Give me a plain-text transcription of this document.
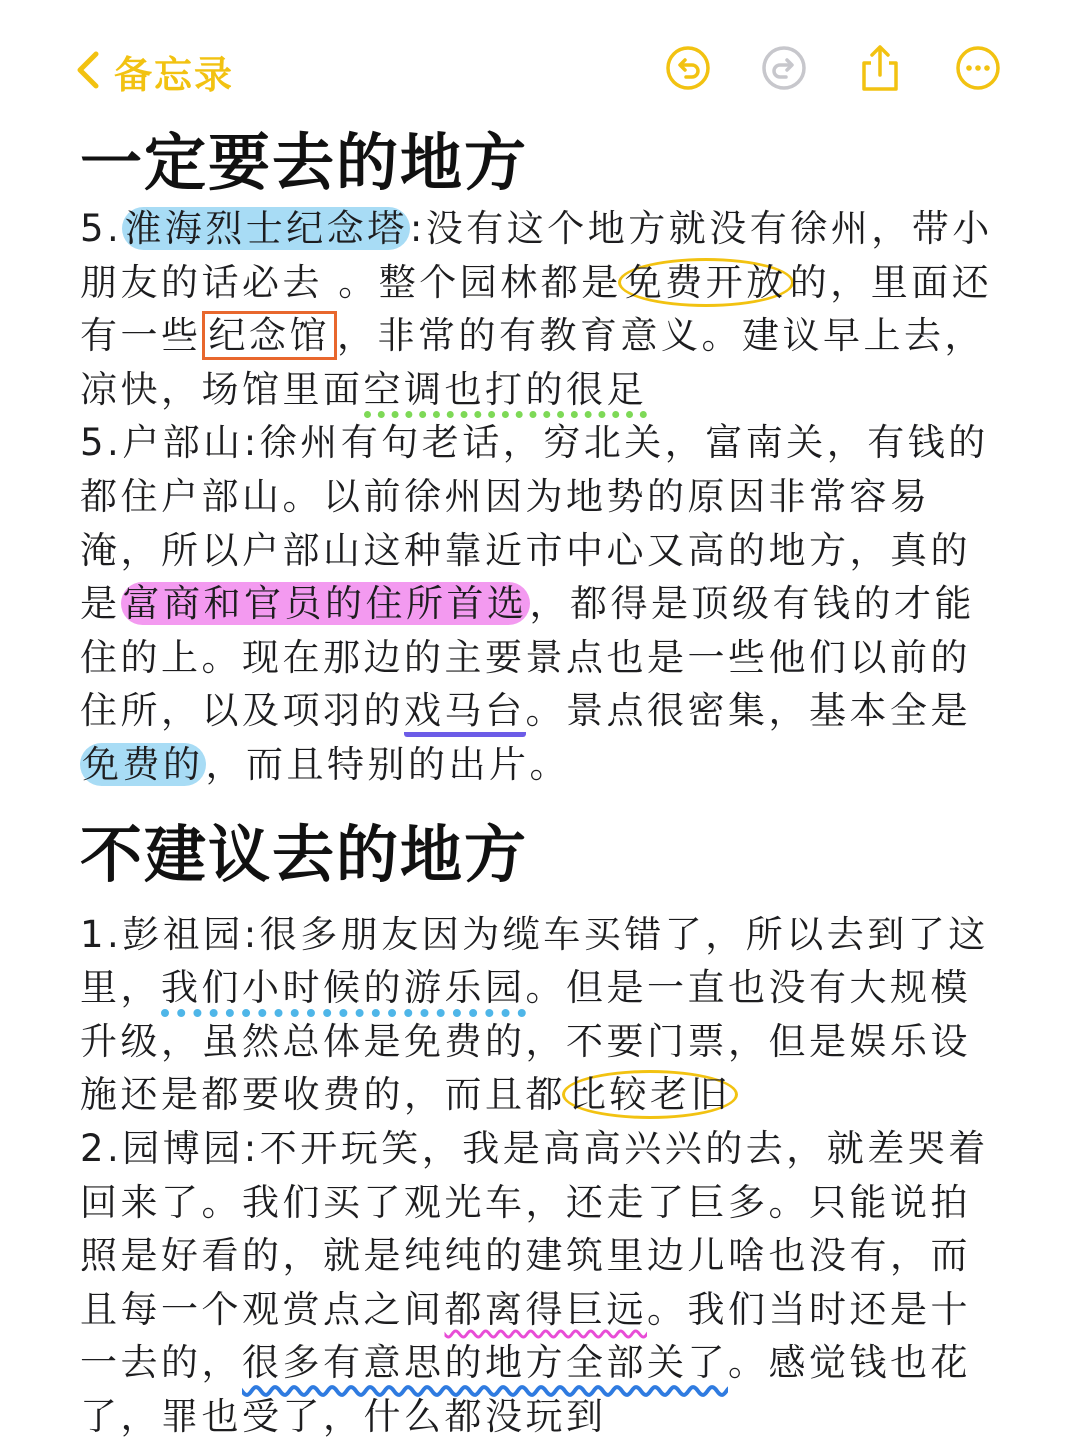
备忘录
一定要去的地方

5.淮海烈士纪念塔:没有这个地方就没有徐州，带小朋友的话必去 。整个园林都是免费开放的，里面还有一些 纪念馆 ，非常的有教育意义。建议早上去，凉快，场馆里面空调也打的很足

5.户部山:徐州有句老话，穷北关，富南关，有钱的都住户部山。以前徐州因为地势的原因非常容易淹，所以户部山这种靠近市中心又高的地方，真的是富商和官员的住所首选，都得是顶级有钱的才能住的上。现在那边的主要景点也是一些他们以前的住所，以及项羽的戏马台。景点很密集，基本全是免费的，而且特别的出片。

不建议去的地方

1.彭祖园:很多朋友因为缆车买错了，所以去到了这里，我们小时候的游乐园。但是一直也没有大规模升级，虽然总体是免费的，不要门票，但是娱乐设施还是都要收费的，而且都比较老旧

2.园博园:不开玩笑，我是高高兴兴的去，就差哭着回来了。我们买了观光车，还走了巨多。只能说拍照是好看的，就是纯纯的建筑里边儿啥也没有，而且每一个观赏点之间都离得巨远。我们当时还是十一去的，很多有意思的地方全部关了。感觉钱也花了，罪也受了，什么都没玩到
